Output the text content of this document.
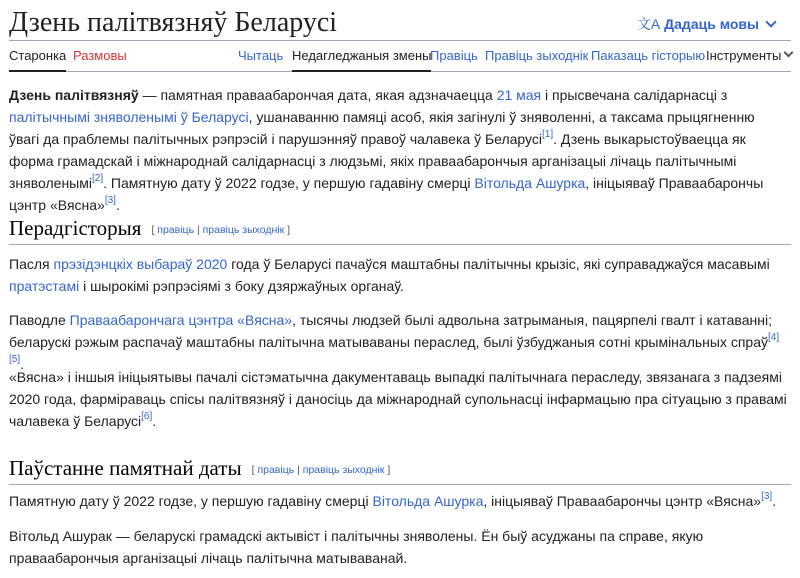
Дзень палітвязняў Беларусі	文A Дадаць мовы
Старонка Размовы	Чытаць Недагледжаныя змены
Правіць Правіць зыходнік Паказаць гісторыю Інструменты

Дзень палітвязняў — памятная праваабарончая дата, якая адзначаецца 21 мая і прысвечана салідарнасці з палітычнымі зняволенымі ў Беларусі, ушанаванню памяці асоб, якія загінулі ў зняволенні, а таксама прыцягненню ўвагі да праблемы палітычных рэпрэсій і парушэнняў правоў чалавека ў Беларусі[1]. Дзень выкарыстоўваецца як форма грамадскай і міжнароднай салідарнасці з людзьмі, якіх праваабарончыя арганізацыі лічаць палітычнымі зняволенымі[2]. Памятную дату ў 2022 годзе, у першую гадавіну смерці Вітольда Ашурка, ініцыяваў Праваабарончы цэнтр «Вясна»[3].

Перадгісторыя [ правіць | правіць зыходнік ]

Пасля прэзідэнцкіх выбараў 2020 года ў Беларусі пачаўся маштабны палітычны крызіс, які суправаджаўся масавымі пратэстамі і шырокімі рэпрэсіямі з боку дзяржаўных органаў.

Паводле Праваабарончага цэнтра «Вясна», тысячы людзей былі адвольна затрыманыя, пацярпелі гвалт і катаванні; беларускі рэжым распачаў маштабны палітычна матываваны пераслед, былі ўзбуджаныя сотні крымінальных спраў[4][5].

«Вясна» і іншыя ініцыятывы пачалі сістэматычна дакументаваць выпадкі палітычнага пераследу, звязанага з падзеямі 2020 года, фарміраваць спісы палітвязняў і даносіць да міжнароднай супольнасці інфармацыю пра сітуацыю з правамі чалавека ў Беларусі[6].

Паўстанне памятнай даты [ правіць | правіць зыходнік ]

Памятную дату ў 2022 годзе, у першую гадавіну смерці Вітольда Ашурка, ініцыяваў Праваабарончы цэнтр «Вясна»[3].

Вітольд Ашурак — беларускі грамадскі актывіст і палітычны зняволены. Ён быў асуджаны па справе, якую праваабарончыя арганізацыі лічаць палітычна матываванай.
